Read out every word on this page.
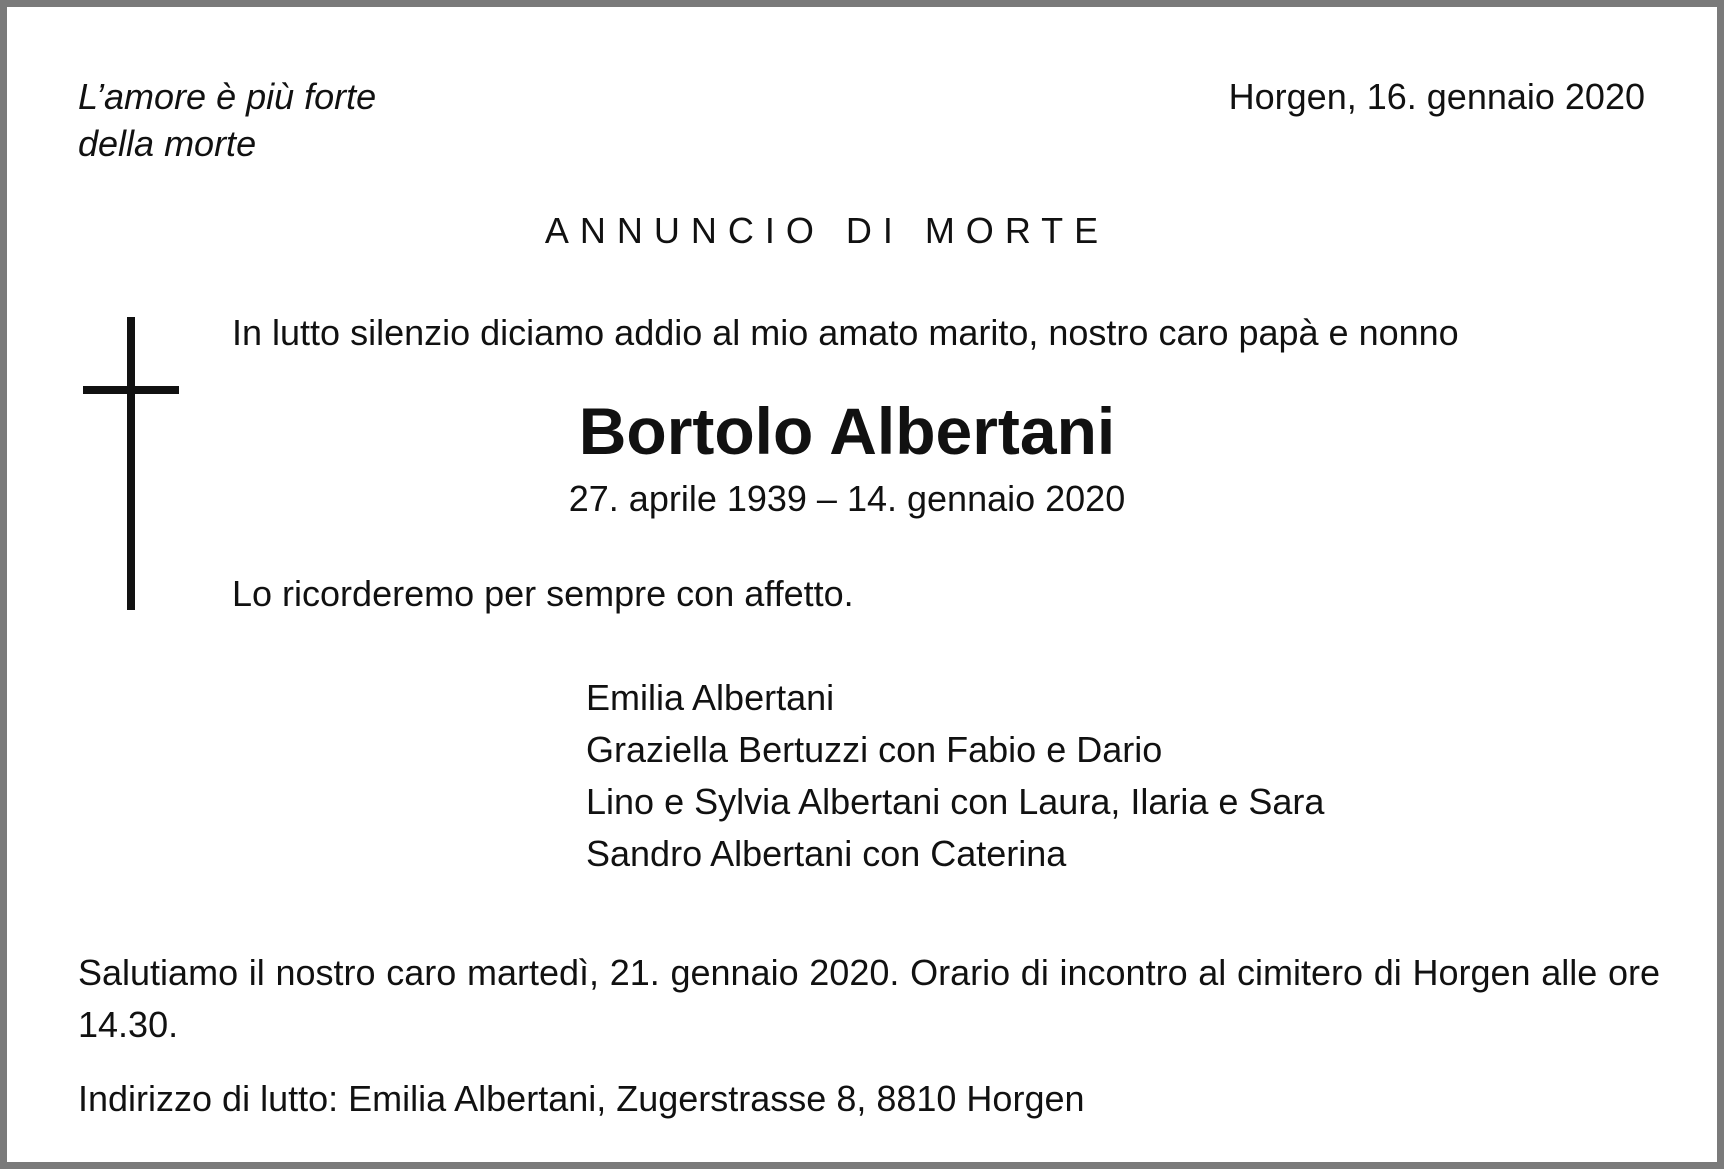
L’amore è più forte
della morte
Horgen, 16. gennaio 2020
ANNUNCIO DI MORTE
In lutto silenzio diciamo addio al mio amato marito, nostro caro papà e nonno
Bortolo Albertani
27. aprile 1939 – 14. gennaio 2020
Lo ricorderemo per sempre con affetto.
Emilia Albertani
Graziella Bertuzzi con Fabio e Dario
Lino e Sylvia Albertani con Laura, Ilaria e Sara
Sandro Albertani con Caterina
Salutiamo il nostro caro martedì, 21. gennaio 2020. Orario di incontro al cimitero di Horgen alle ore 14.30.
Indirizzo di lutto: Emilia Albertani, Zugerstrasse 8, 8810 Horgen
